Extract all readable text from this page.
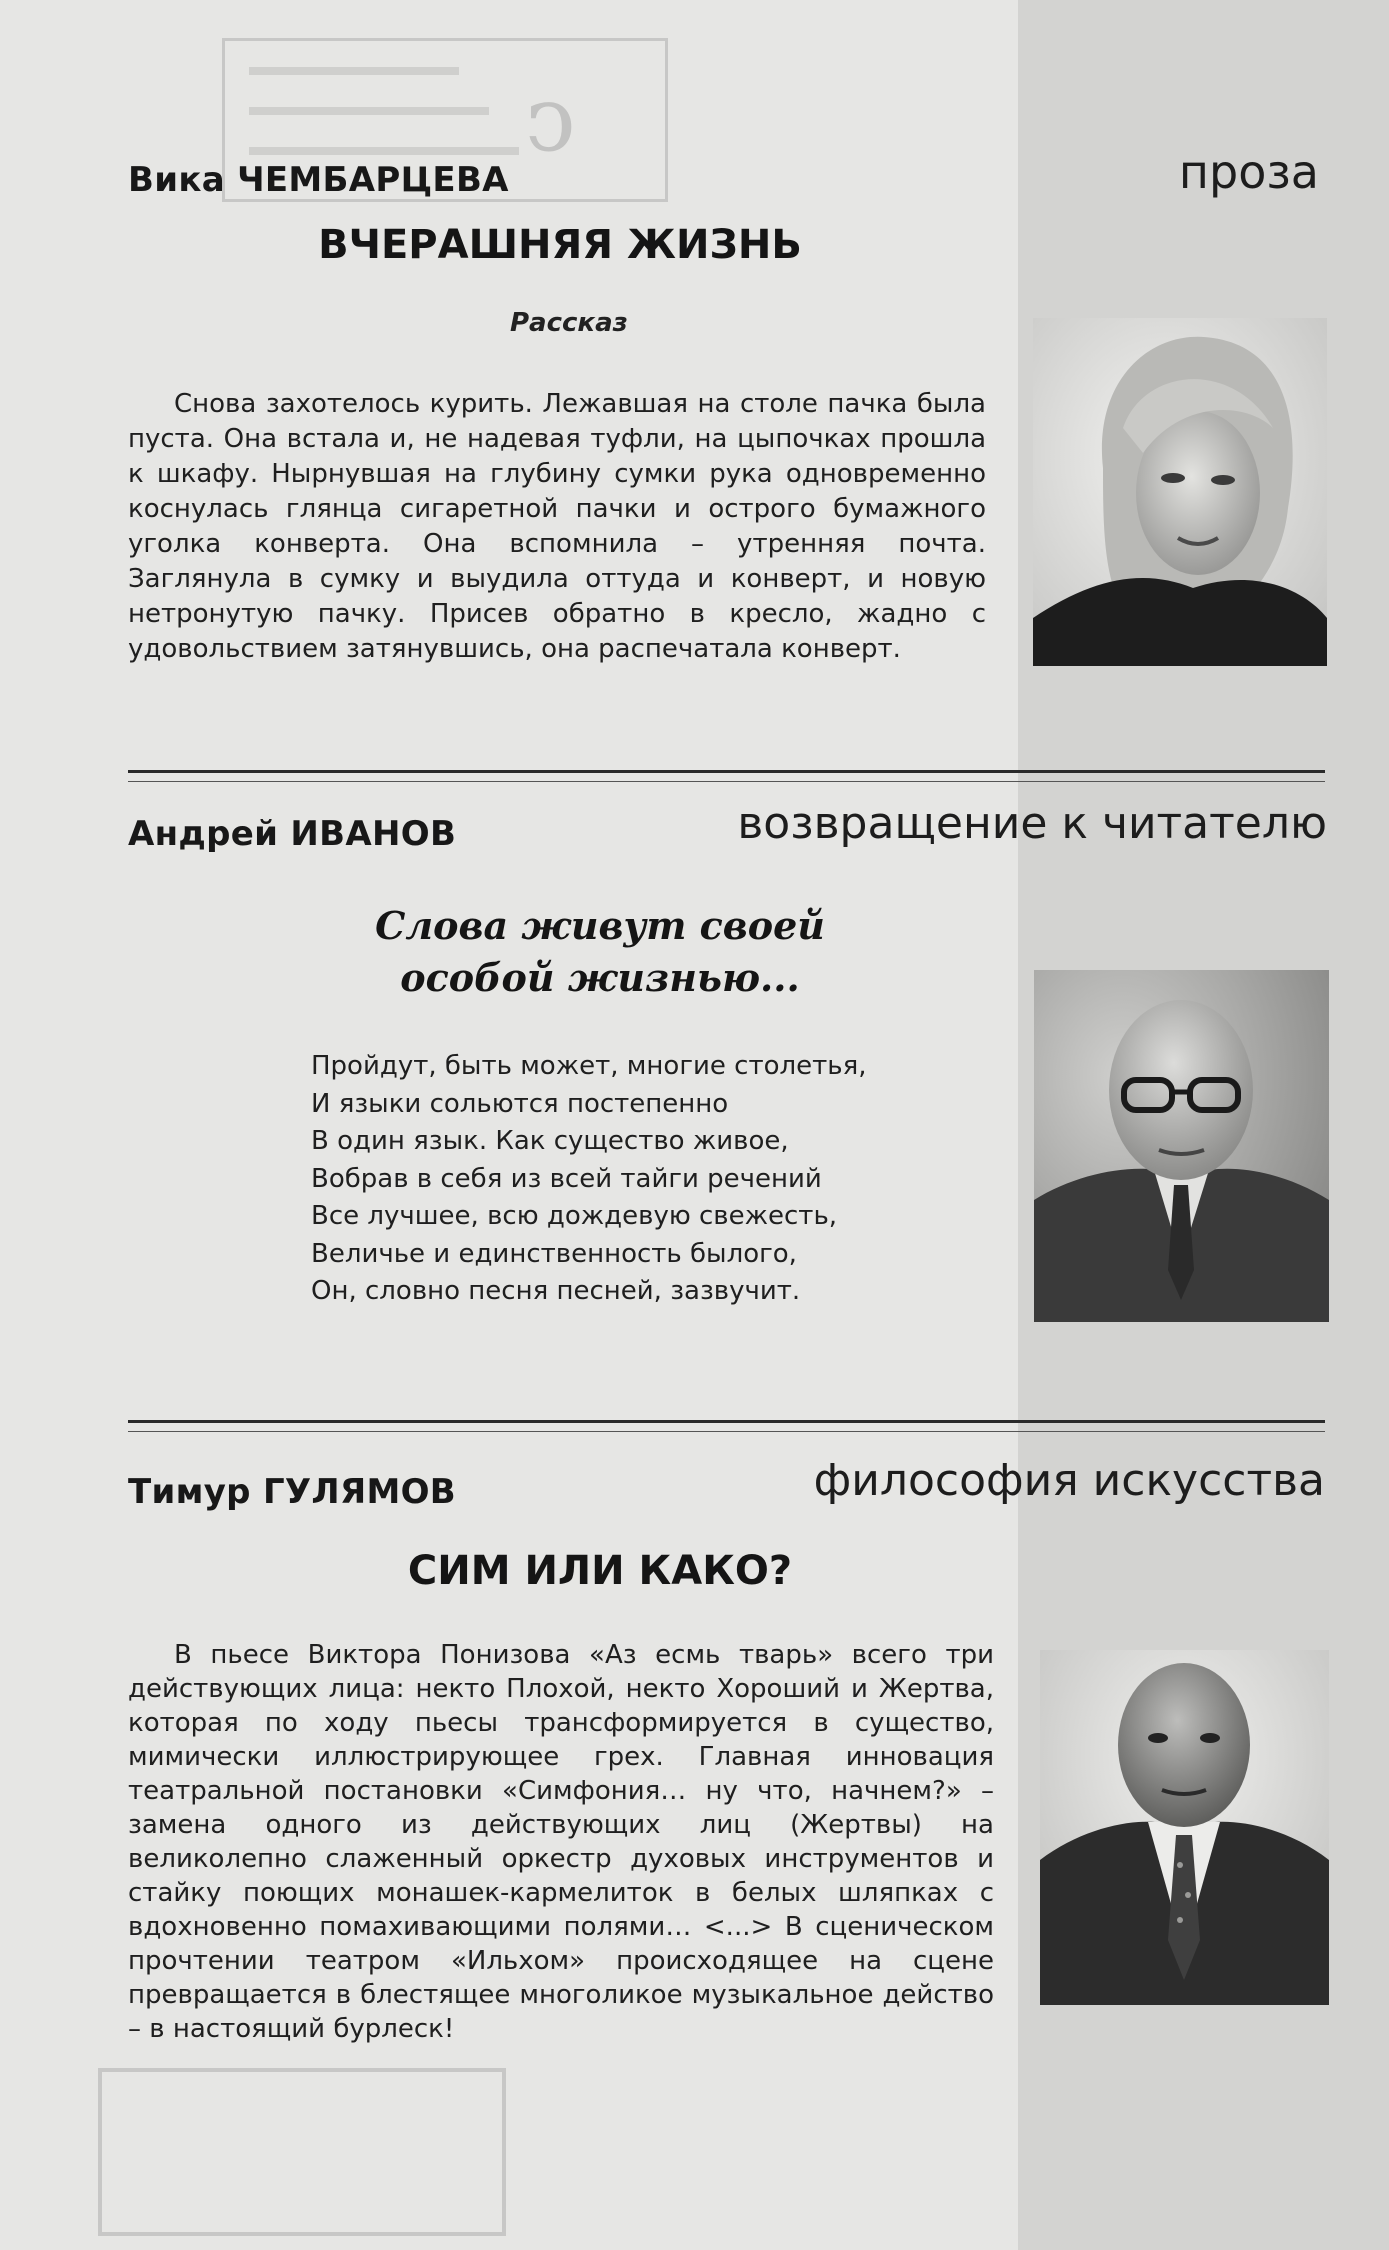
ↄ
Вика ЧЕМБАРЦЕВА	проза
ВЧЕРАШНЯЯ ЖИЗНЬ
Рассказ

Снова захотелось курить. Лежавшая на столе пачка была пуста. Она встала и, не надевая туфли, на цыпочках прошла к шкафу. Нырнувшая на глубину сумки рука одновременно коснулась глянца сигаретной пачки и острого бумажного уголка конверта. Она вспомнила – утренняя почта. Заглянула в сумку и выудила оттуда и конверт, и новую нетронутую пачку. Присев обратно в кресло, жадно с удовольствием затянувшись, она распечатала конверт.

Андрей ИВАНОВ	возвращение к читателю
Слова живут своей
особой жизнью...
Пройдут, быть может, многие столетья,
И языки сольются постепенно
В один язык. Как существо живое,
Вобрав в себя из всей тайги речений
Все лучшее, всю дождевую свежесть,
Величье и единственность былого,
Он, словно песня песней, зазвучит.
Тимур ГУЛЯМОВ	философия искусства
СИМ ИЛИ КАКО?

В пьесе Виктора Понизова «Аз есмь тварь» всего три действующих лица: некто Плохой, некто Хороший и Жертва, которая по ходу пьесы трансформируется в существо, мимически иллюстрирующее грех. Главная инновация театральной постановки «Симфония… ну что, начнем?» – замена одного из действующих лиц (Жертвы) на великолепно слаженный оркестр духовых инструментов и стайку поющих монашек-кармелиток в белых шляпках с вдохновенно помахивающими полями… <...> В сценическом прочтении театром «Ильхом» происходящее на сцене превращается в блестящее многоликое музыкальное действо – в настоящий бурлеск!
